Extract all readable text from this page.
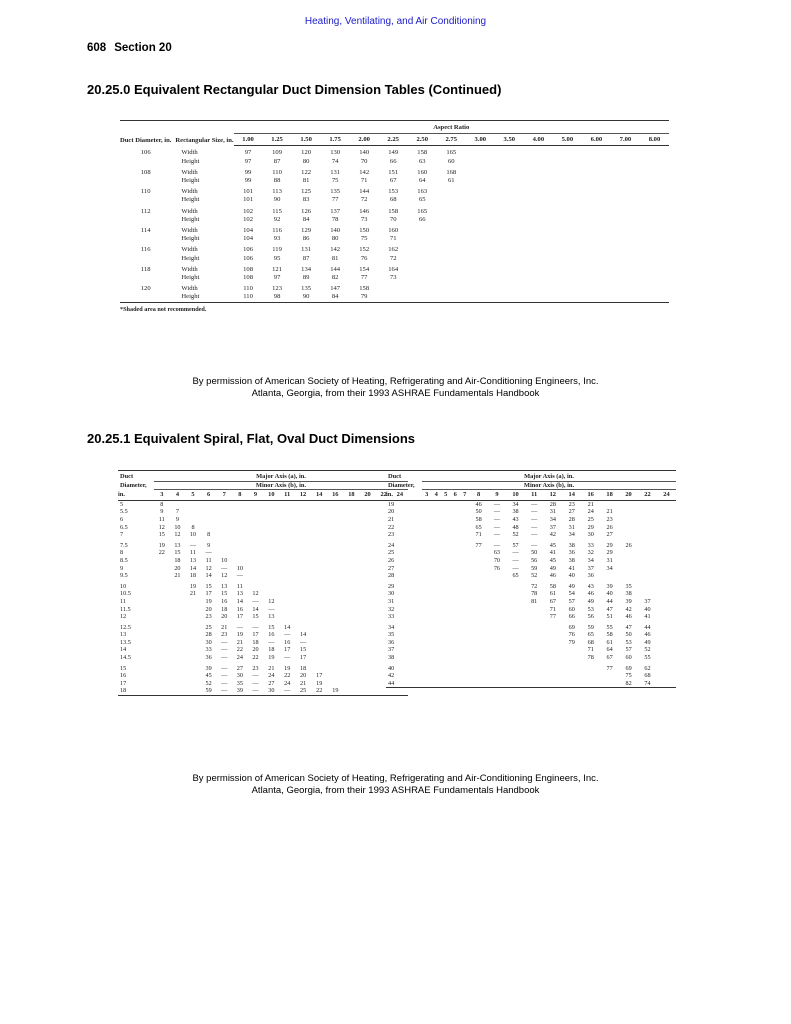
Heating, Ventilating, and Air Conditioning
608 Section 20
20.25.0 Equivalent Rectangular Duct Dimension Tables (Continued)

Duct Diameter, in.	Rectangular Size, in.	Aspect Ratio														
		1.00	1.25	1.50	1.75	2.00	2.25	2.50	2.75	3.00	3.50	4.00	5.00	6.00	7.00	8.00
106	Width	97	109	120	130	140	149	158	165							
	Height	97	87	80	74	70	66	63	60							
108	Width	99	110	122	131	142	151	160	168							
	Height	99	88	81	75	71	67	64	61							
110	Width	101	113	125	135	144	153	163								
	Height	101	90	83	77	72	68	65								
112	Width	102	115	126	137	146	158	165								
	Height	102	92	84	78	73	70	66								
114	Width	104	116	129	140	150	160									
	Height	104	93	86	80	75	71									
116	Width	106	119	131	142	152	162									
	Height	106	95	87	81	76	72									
118	Width	108	121	134	144	154	164									
	Height	108	97	89	82	77	73									
120	Width	110	123	135	147	158										
	Height	110	98	90	84	79										

*Shaded area not recommended.
By permission of American Society of Heating, Refrigerating and Air-Conditioning Engineers, Inc.
Atlanta, Georgia, from their 1993 ASHRAE Fundamentals Handbook
20.25.1 Equivalent Spiral, Flat, Oval Duct Dimensions

Duct	Major Axis (a), in.															
Diameter,	Minor Axis (b), in.															
in.	3	4	5	6	7	8	9	10	11	12	14	16	18	20	22	24
5	8															
5.5	9	7														
6	11	9														
6.5	12	10	8													
7	15	12	10	8												

7.5	19	13	—	9												
8	22	15	11	—												
8.5		18	13	11	10											
9		20	14	12	—	10										
9.5		21	18	14	12	—										

10			19	15	13	11										
10.5			21	17	15	13	12									
11				19	16	14	—	12								
11.5				20	18	16	14	—								
12				23	20	17	15	13								

12.5				25	21	—	—	15	14							
13				28	23	19	17	16	—	14						
13.5				30	—	21	18	—	16	—						
14				33	—	22	20	18	17	15						
14.5				36	—	24	22	19	—	17						

15				39	—	27	23	21	19	18						
16				45	—	30	—	24	22	20	17					
17				52	—	35	—	27	24	21	19					
18				59	—	39	—	30	—	25	22	19				

Duct	Major Axis (a), in.															
Diameter,	Minor Axis (b), in.															
in.	3	4	5	6	7	8	9	10	11	12	14	16	18	20	22	24
19						46	—	34	—	28	23	21				
20						50	—	38	—	31	27	24	21			
21						58	—	43	—	34	28	25	23			
22						65	—	48	—	37	31	29	26			
23						71	—	52	—	42	34	30	27			

24						77	—	57	—	45	38	33	29	26		
25							63	—	50	41	36	32	29			
26							70	—	56	45	38	34	31			
27							76	—	59	49	41	37	34			
28								65	52	46	40	36				

29									72	58	49	43	39	35		
30									78	61	54	46	40	38		
31									81	67	57	49	44	39	37	
32										71	60	53	47	42	40	
33										77	66	56	51	46	41	

34											69	59	55	47	44	
35											76	65	58	50	46	
36											79	68	61	53	49	
37												71	64	57	52	
38												78	67	60	55	

40													77	69	62	
42														75	68	
44														82	74	

By permission of American Society of Heating, Refrigerating and Air-Conditioning Engineers, Inc.
Atlanta, Georgia, from their 1993 ASHRAE Fundamentals Handbook
